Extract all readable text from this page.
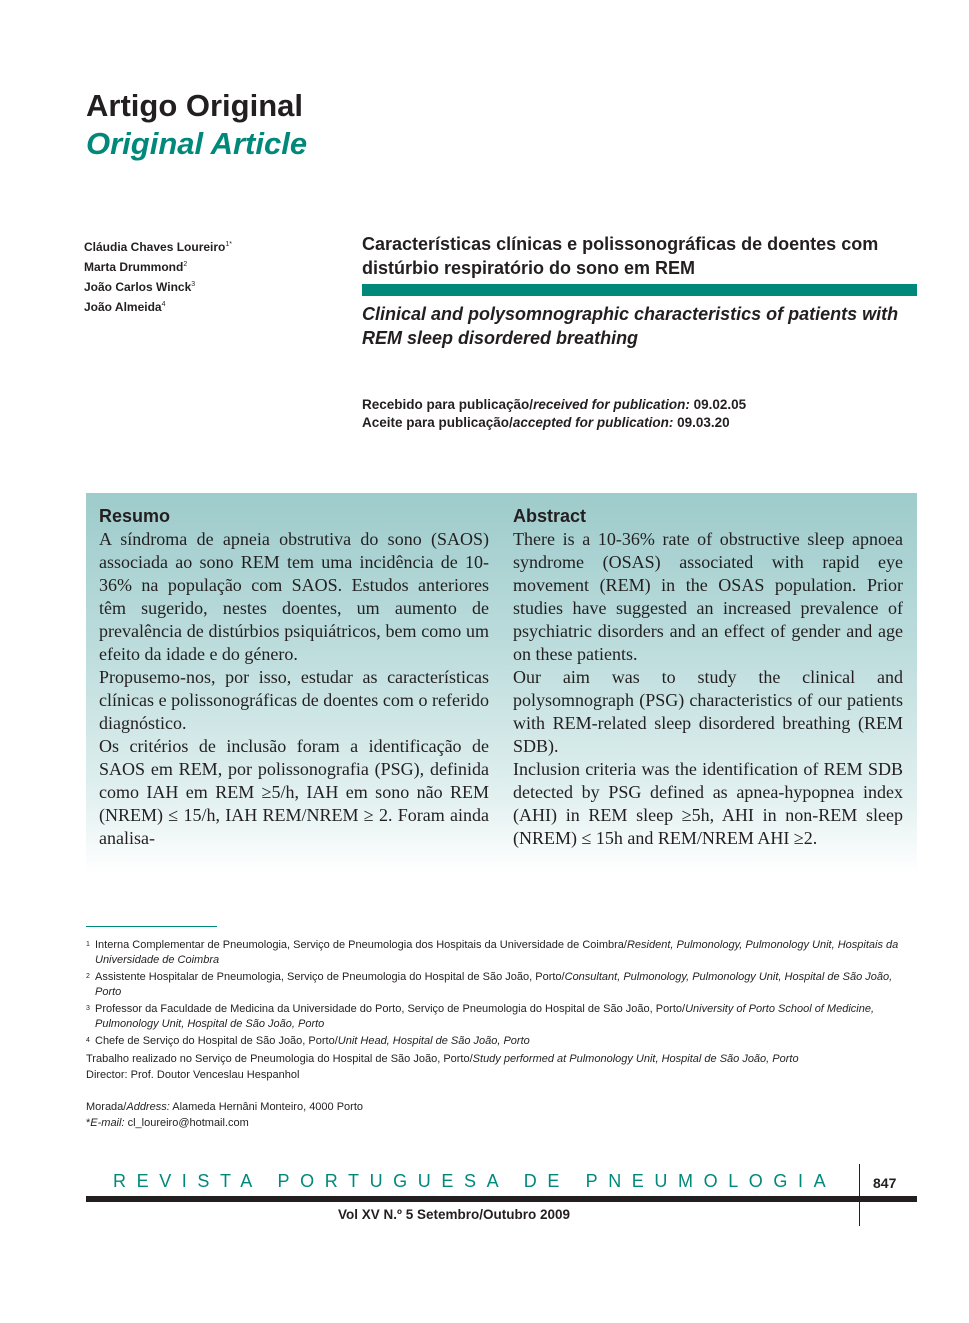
Artigo Original
Original Article
Cláudia Chaves Loureiro$^{1*}$
Marta Drummond$^2$
João Carlos Winck$^3$
João Almeida$^4$
Características clínicas e polissonográficas de doentes com distúrbio respiratório do sono em REM
Clinical and polysomnographic characteristics of patients with REM sleep disordered breathing
Recebido para publicação/received for publication: 09.02.05
Aceite para publicação/accepted for publication: 09.03.20
Resumo

A síndroma de apneia obstrutiva do sono (SAOS) associada ao sono REM tem uma incidência de 10-36% na população com SAOS. Estudos anteriores têm sugerido, nestes doentes, um aumento de prevalência de distúrbios psiquiátricos, bem como um efeito da idade e do género.

Propusemo-nos, por isso, estudar as características clínicas e polissonográficas de doentes com o referido diagnóstico.

Os critérios de inclusão foram a identificação de SAOS em REM, por polissonografia (PSG), definida como IAH em REM ≥5/h, IAH em sono não REM (NREM) ≤ 15/h, IAH REM/NREM ≥ 2. Foram ainda analisa-

Abstract

There is a 10-36% rate of obstructive sleep apnoea syndrome (OSAS) associated with rapid eye movement (REM) in the OSAS population. Prior studies have suggested an increased prevalence of psychiatric disorders and an effect of gender and age on these patients.

Our aim was to study the clinical and polysomnograph (PSG) characteristics of our patients with REM-related sleep disordered breathing (REM SDB).

Inclusion criteria was the identification of REM SDB detected by PSG defined as apnea-hypopnea index (AHI) in REM sleep ≥5h, AHI in non-REM sleep (NREM) ≤ 15h and REM/NREM AHI ≥2.

1 Interna Complementar de Pneumologia, Serviço de Pneumologia dos Hospitais da Universidade de Coimbra/Resident, Pulmonology, Pulmonology Unit, Hospitais da Universidade de Coimbra
2 Assistente Hospitalar de Pneumologia, Serviço de Pneumologia do Hospital de São João, Porto/Consultant, Pulmonology, Pulmonology Unit, Hospital de São João, Porto
3 Professor da Faculdade de Medicina da Universidade do Porto, Serviço de Pneumologia do Hospital de São João, Porto/University of Porto School of Medicine, Pulmonology Unit, Hospital de São João, Porto
4 Chefe de Serviço do Hospital de São João, Porto/Unit Head, Hospital de São João, Porto
Trabalho realizado no Serviço de Pneumologia do Hospital de São João, Porto/Study performed at Pulmonology Unit, Hospital de São João, Porto
Director: Prof. Doutor Venceslau Hespanhol
Morada/Address: Alameda Hernâni Monteiro, 4000 Porto
*E-mail: cl_loureiro@hotmail.com
REVISTA PORTUGUESA DE PNEUMOLOGIA	847
Vol XV N.º 5 Setembro/Outubro 2009
